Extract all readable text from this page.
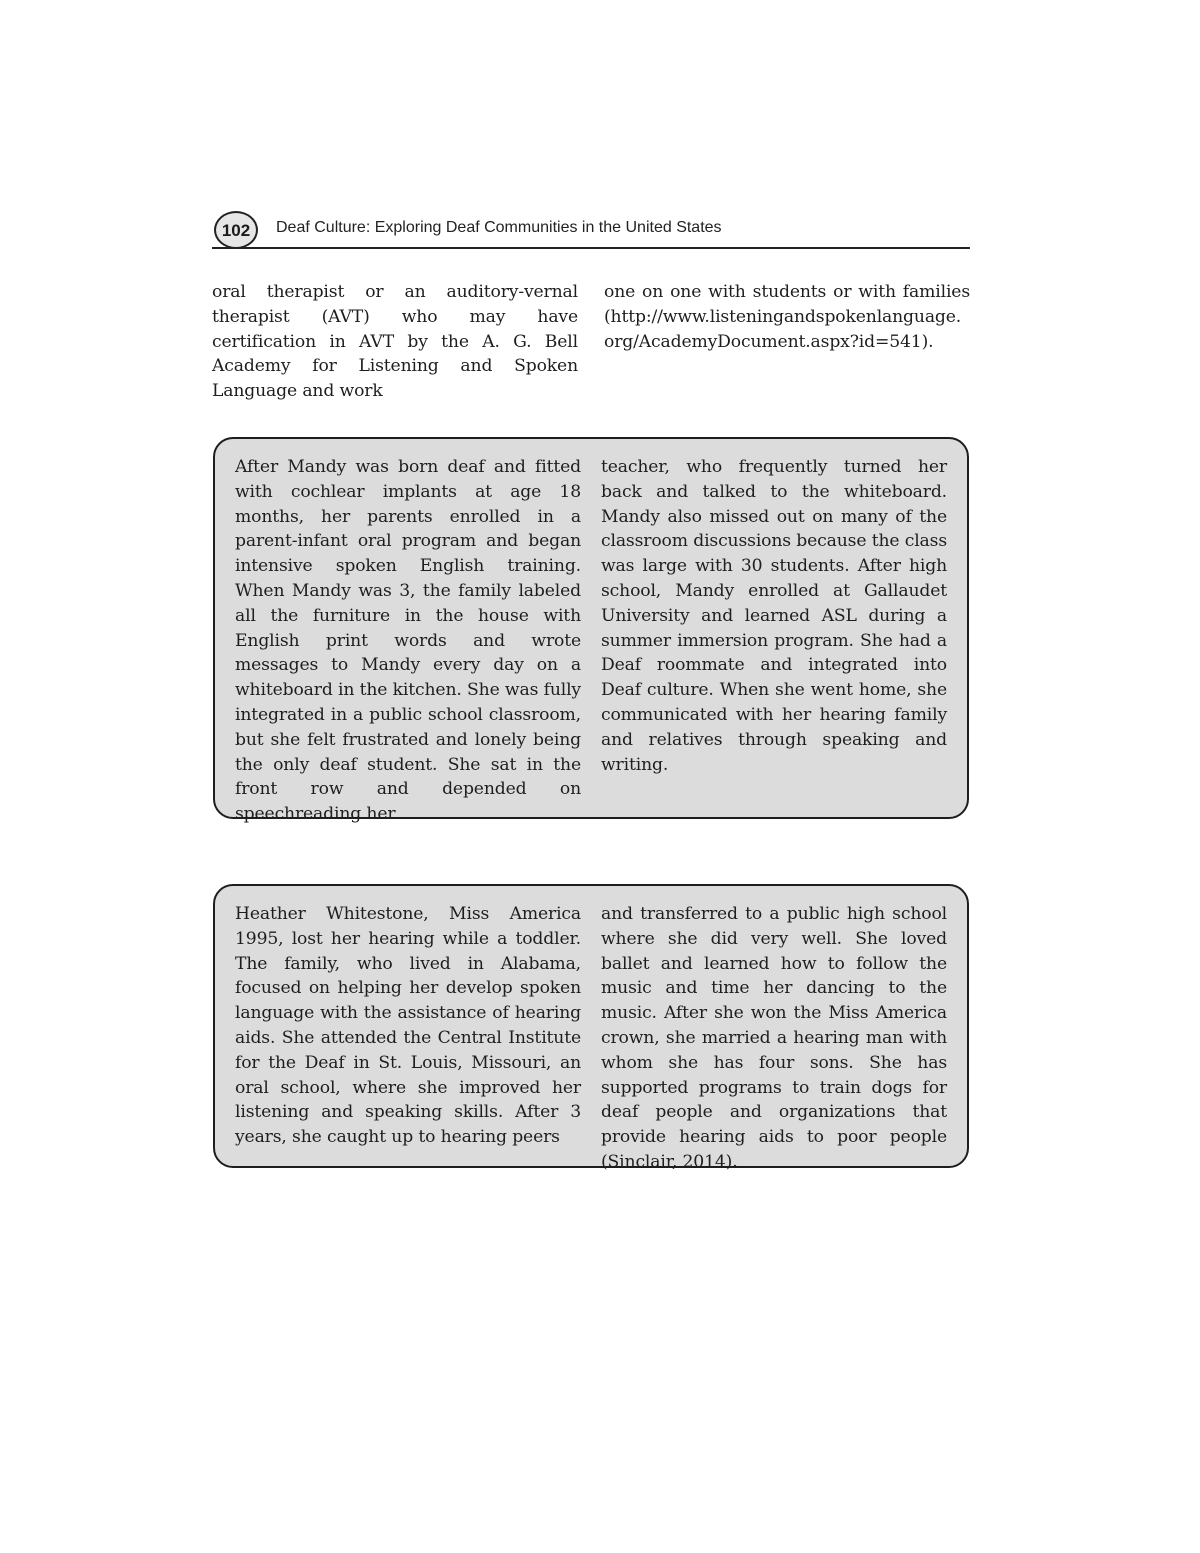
102	Deaf Culture: Exploring Deaf Communities in the United States

oral therapist or an auditory-vernal therapist (AVT) who may have certification in AVT by the A. G. Bell Academy for Listening and Spoken Language and work

one on one with students or with families (http://www.listeningandspokenlanguage.org/AcademyDocument.aspx?id=541).

After Mandy was born deaf and fitted with cochlear implants at age 18 months, her parents enrolled in a parent-infant oral program and began intensive spoken English training. When Mandy was 3, the family labeled all the furniture in the house with English print words and wrote messages to Mandy every day on a whiteboard in the kitchen. She was fully integrated in a public school classroom, but she felt frustrated and lonely being the only deaf student. She sat in the front row and depended on speechreading her

teacher, who frequently turned her back and talked to the whiteboard. Mandy also missed out on many of the classroom discussions because the class was large with 30 students. After high school, Mandy enrolled at Gallaudet University and learned ASL during a summer immersion program. She had a Deaf roommate and integrated into Deaf culture. When she went home, she communicated with her hearing family and relatives through speaking and writing.

Heather Whitestone, Miss America 1995, lost her hearing while a toddler. The family, who lived in Alabama, focused on helping her develop spoken language with the assistance of hearing aids. She attended the Central Institute for the Deaf in St. Louis, Missouri, an oral school, where she improved her listening and speaking skills. After 3 years, she caught up to hearing peers

and transferred to a public high school where she did very well. She loved ballet and learned how to follow the music and time her dancing to the music. After she won the Miss America crown, she married a hearing man with whom she has four sons. She has supported programs to train dogs for deaf people and organizations that provide hearing aids to poor people (Sinclair, 2014).
